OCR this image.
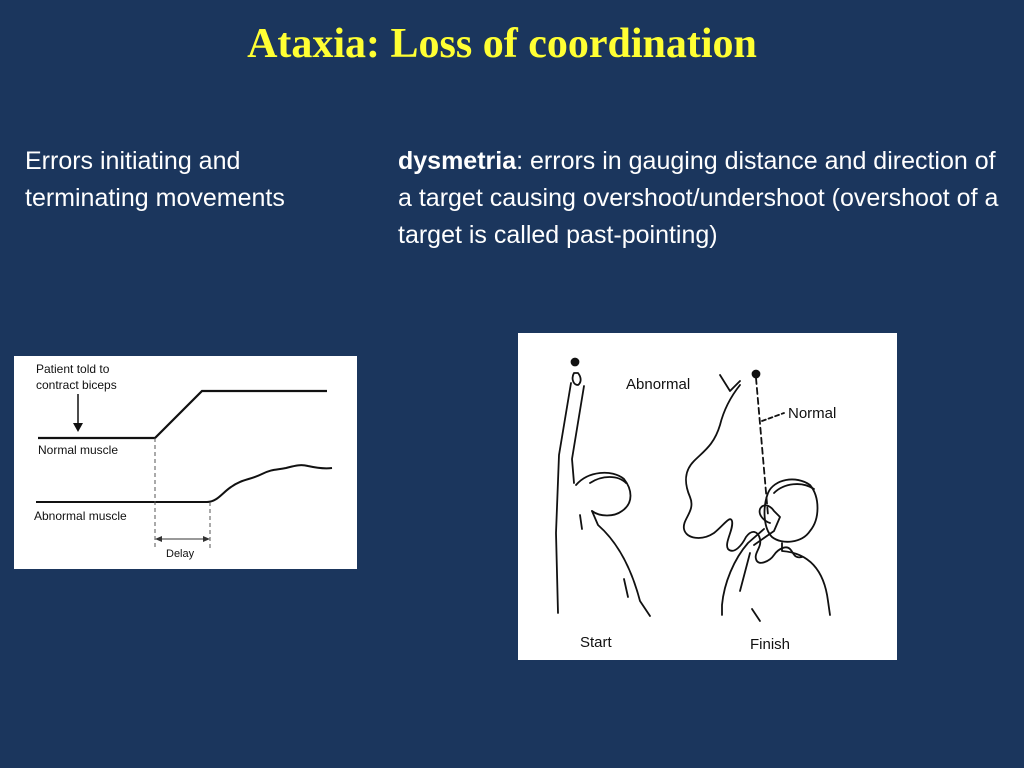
Ataxia: Loss of coordination
Errors initiating and terminating movements
dysmetria: errors in gauging distance and direction of a target causing overshoot/undershoot (overshoot of a target is called past-pointing)
Patient told to
contract biceps
Normal muscle
Abnormal muscle
Delay
Abnormal
Normal
Start	Finish
